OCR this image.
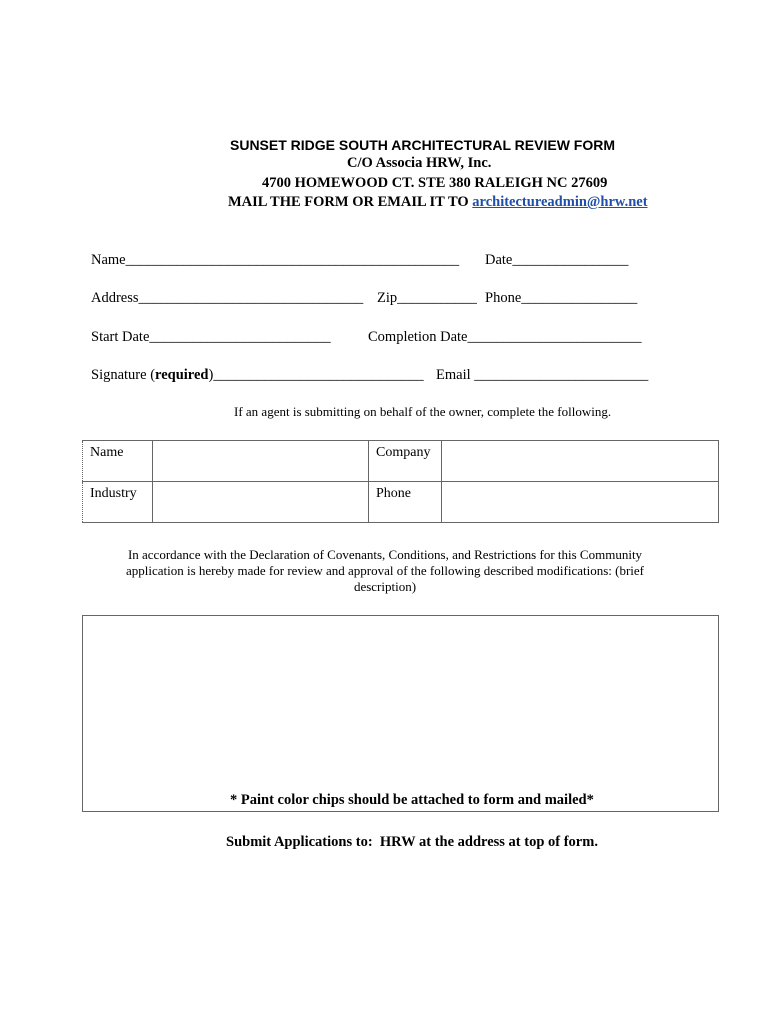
SUNSET RIDGE SOUTH ARCHITECTURAL REVIEW FORM
C/O Associa HRW, Inc.
4700 HOMEWOOD CT. STE 380 RALEIGH NC 27609
MAIL THE FORM OR EMAIL IT TO architectureadmin@hrw.net
Name______________________________________________ Date________________
Address_______________________________ Zip___________ Phone________________
Start Date_________________________	Completion Date________________________
Signature (required)_____________________________ Email ________________________
If an agent is submitting on behalf of the owner, complete the following.
Name		Company	
Industry		Phone	
In accordance with the Declaration of Covenants, Conditions, and Restrictions for this Community application is hereby made for review and approval of the following described modifications: (brief description)
* Paint color chips should be attached to form and mailed*
Submit Applications to:  HRW at the address at top of form.
